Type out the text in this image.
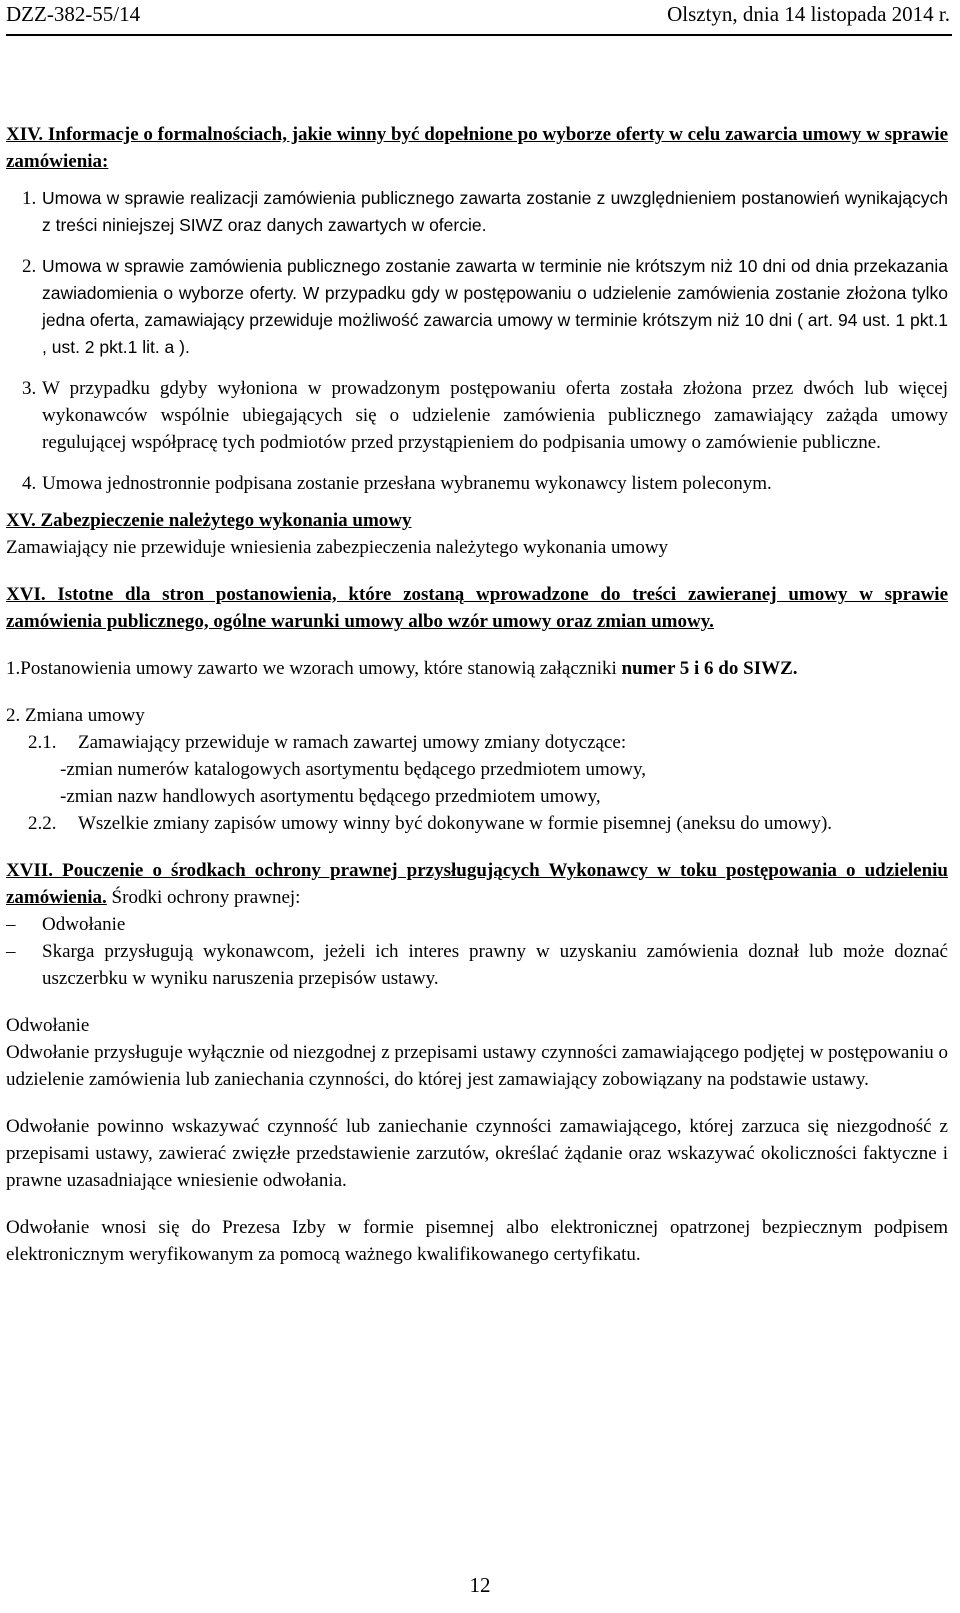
DZZ-382-55/14	Olsztyn, dnia 14 listopada 2014 r.

XIV. Informacje o formalnościach, jakie winny być dopełnione po wyborze oferty w celu zawarcia umowy w sprawie zamówienia:

1. Umowa w sprawie realizacji zamówienia publicznego zawarta zostanie z uwzględnieniem postanowień wynikających z treści niniejszej SIWZ oraz danych zawartych w ofercie.
2. Umowa w sprawie zamówienia publicznego zostanie zawarta w terminie nie krótszym niż 10 dni od dnia przekazania zawiadomienia o wyborze oferty. W przypadku gdy w postępowaniu o udzielenie zamówienia zostanie złożona tylko jedna oferta, zamawiający przewiduje możliwość zawarcia umowy w terminie krótszym niż 10 dni ( art. 94 ust. 1 pkt.1 , ust. 2 pkt.1 lit. a ).
3. W przypadku gdyby wyłoniona w prowadzonym postępowaniu oferta została złożona przez dwóch lub więcej wykonawców wspólnie ubiegających się o udzielenie zamówienia publicznego zamawiający zażąda umowy regulującej współpracę tych podmiotów przed przystąpieniem do podpisania umowy o zamówienie publiczne.
4. Umowa jednostronnie podpisana zostanie przesłana wybranemu wykonawcy listem poleconym.

XV. Zabezpieczenie należytego wykonania umowy

Zamawiający nie przewiduje wniesienia zabezpieczenia należytego wykonania umowy

XVI. Istotne dla stron postanowienia, które zostaną wprowadzone do treści zawieranej umowy w sprawie zamówienia publicznego, ogólne warunki umowy albo wzór umowy oraz zmian umowy.

1.Postanowienia umowy zawarto we wzorach umowy, które stanowią załączniki numer 5 i 6 do SIWZ.

2. Zmiana umowy

2.1. Zamawiający przewiduje w ramach zawartej umowy zmiany dotyczące:

-zmian numerów katalogowych asortymentu będącego przedmiotem umowy,

-zmian nazw handlowych asortymentu będącego przedmiotem umowy,

2.2. Wszelkie zmiany zapisów umowy winny być dokonywane w formie pisemnej (aneksu do umowy).

XVII. Pouczenie o środkach ochrony prawnej przysługujących Wykonawcy w toku postępowania o udzieleniu zamówienia. Środki ochrony prawnej:

– Odwołanie
– Skarga przysługują wykonawcom, jeżeli ich interes prawny w uzyskaniu zamówienia doznał lub może doznać uszczerbku w wyniku naruszenia przepisów ustawy.

Odwołanie

Odwołanie przysługuje wyłącznie od niezgodnej z przepisami ustawy czynności zamawiającego podjętej w postępowaniu o udzielenie zamówienia lub zaniechania czynności, do której jest zamawiający zobowiązany na podstawie ustawy.

Odwołanie powinno wskazywać czynność lub zaniechanie czynności zamawiającego, której zarzuca się niezgodność z przepisami ustawy, zawierać zwięzłe przedstawienie zarzutów, określać żądanie oraz wskazywać okoliczności faktyczne i prawne uzasadniające wniesienie odwołania.

Odwołanie wnosi się do Prezesa Izby w formie pisemnej albo elektronicznej opatrzonej bezpiecznym podpisem elektronicznym weryfikowanym za pomocą ważnego kwalifikowanego certyfikatu.

12
